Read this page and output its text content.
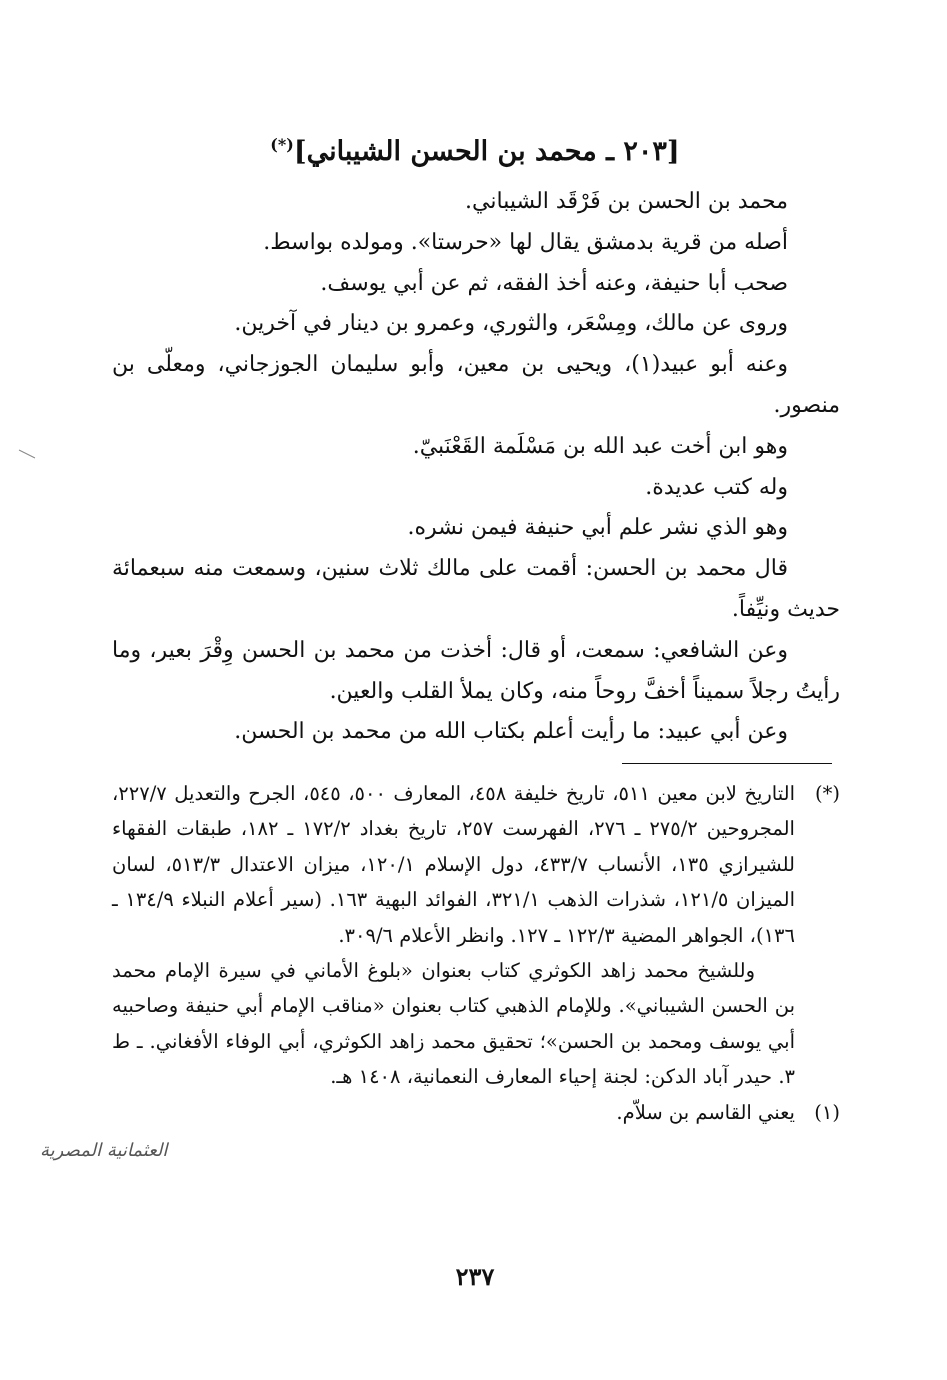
[٢٠٣ ـ محمد بن الحسن الشيباني](*)

محمد بن الحسن بن فَرْقَد الشيباني.

أصله من قرية بدمشق يقال لها «حرستا». ومولده بواسط.

صحب أبا حنيفة، وعنه أخذ الفقه، ثم عن أبي يوسف.

وروى عن مالك، ومِسْعَر، والثوري، وعمرو بن دينار في آخرين.

وعنه أبو عبيد(١)، ويحيى بن معين، وأبو سليمان الجوزجاني، ومعلّى بن منصور.

وهو ابن أخت عبد الله بن مَسْلَمة القَعْنَبيّ.

وله كتب عديدة.

وهو الذي نشر علم أبي حنيفة فيمن نشره.

قال محمد بن الحسن: أقمت على مالك ثلاث سنين، وسمعت منه سبعمائة حديث ونيِّفاً.

وعن الشافعي: سمعت، أو قال: أخذت من محمد بن الحسن وِقْرَ بعير، وما رأيتُ رجلاً سميناً أخفَّ روحاً منه، وكان يملأ القلب والعين.

وعن أبي عبيد: ما رأيت أعلم بكتاب الله من محمد بن الحسن.

(*)التاريخ لابن معين ٥١١، تاريخ خليفة ٤٥٨، المعارف ٥٠٠، ٥٤٥، الجرح والتعديل ٢٢٧/٧، المجروحين ٢٧٥/٢ ـ ٢٧٦، الفهرست ٢٥٧، تاريخ بغداد ١٧٢/٢ ـ ١٨٢، طبقات الفقهاء للشيرازي ١٣٥، الأنساب ٤٣٣/٧، دول الإسلام ١٢٠/١، ميزان الاعتدال ٥١٣/٣، لسان الميزان ١٢١/٥، شذرات الذهب ٣٢١/١، الفوائد البهية ١٦٣. (سير أعلام النبلاء ١٣٤/٩ ـ ١٣٦)، الجواهر المضية ١٢٢/٣ ـ ١٢٧. وانظر الأعلام ٣٠٩/٦.

وللشيخ محمد زاهد الكوثري كتاب بعنوان «بلوغ الأماني في سيرة الإمام محمد بن الحسن الشيباني». وللإمام الذهبي كتاب بعنوان «مناقب الإمام أبي حنيفة وصاحبيه أبي يوسف ومحمد بن الحسن»؛ تحقيق محمد زاهد الكوثري، أبي الوفاء الأفغاني. ـ ط ٣. حيدر آباد الدكن: لجنة إحياء المعارف النعمانية، ١٤٠٨ هـ.

(١)يعني القاسم بن سلاّم.

العثمانية المصرية
٢٣٧
